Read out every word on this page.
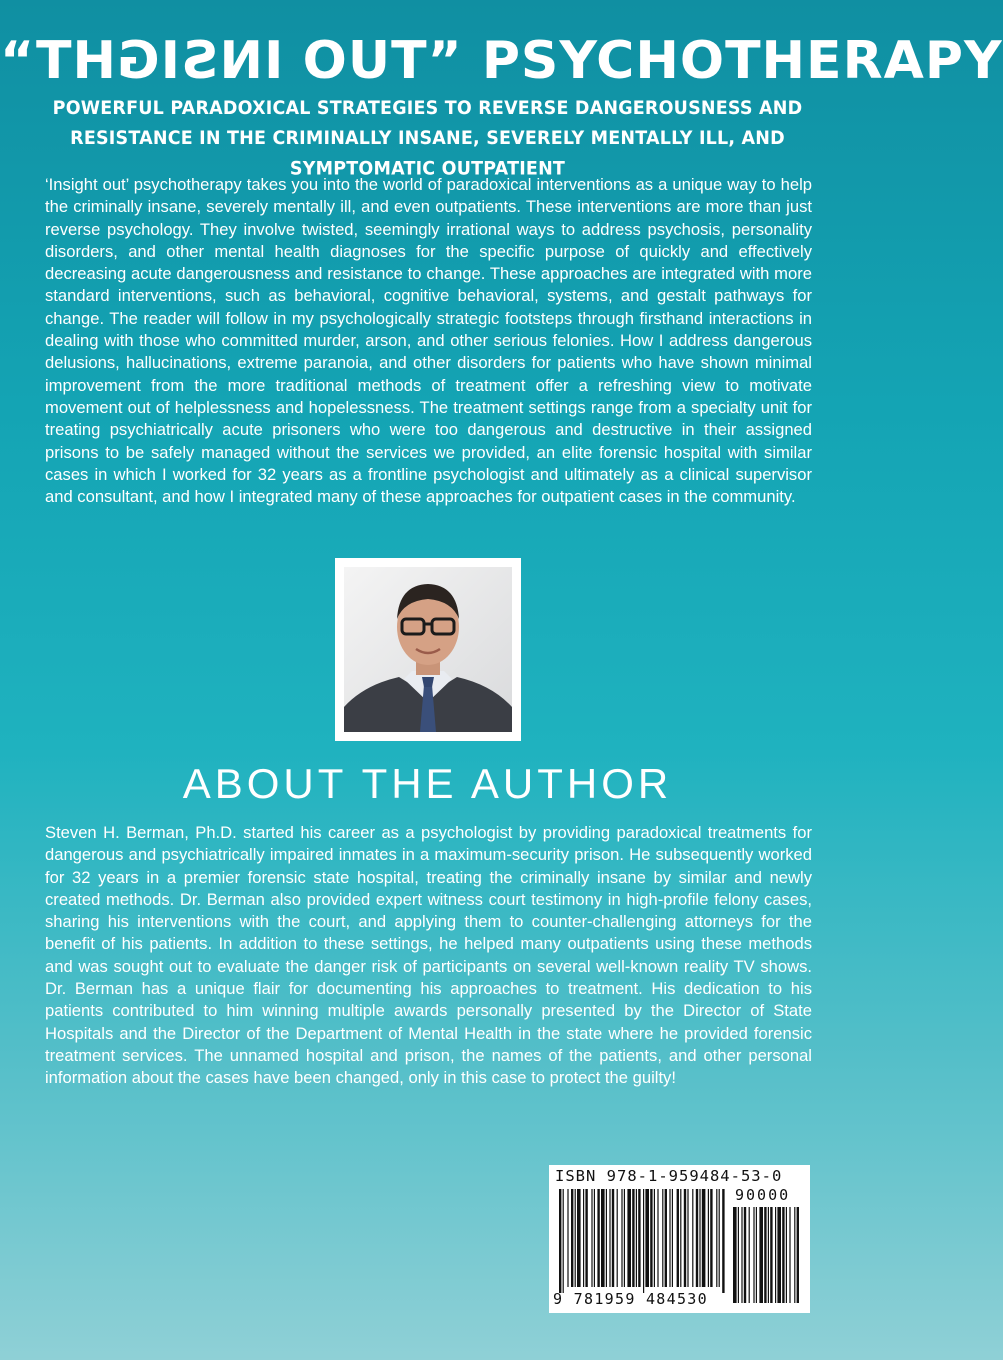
“INSIGHT OUT” PSYCHOTHERAPY
POWERFUL PARADOXICAL STRATEGIES TO REVERSE DANGEROUSNESS AND RESISTANCE IN THE CRIMINALLY INSANE, SEVERELY MENTALLY ILL, AND SYMPTOMATIC OUTPATIENT
‘Insight out’ psychotherapy takes you into the world of paradoxical interventions as a unique way to help the criminally insane, severely mentally ill, and even outpatients. These interventions are more than just reverse psychology. They involve twisted, seemingly irrational ways to address psychosis, personality disorders, and other mental health diagnoses for the specific purpose of quickly and effectively decreasing acute dangerousness and resistance to change. These approaches are integrated with more standard interventions, such as behavioral, cognitive behavioral, systems, and gestalt pathways for change. The reader will follow in my psychologically strategic footsteps through firsthand interactions in dealing with those who committed murder, arson, and other serious felonies. How I address dangerous delusions, hallucinations, extreme paranoia, and other disorders for patients who have shown minimal improvement from the more traditional methods of treatment offer a refreshing view to motivate movement out of helplessness and hopelessness. The treatment settings range from a specialty unit for treating psychiatrically acute prisoners who were too dangerous and destructive in their assigned prisons to be safely managed without the services we provided, an elite forensic hospital with similar cases in which I worked for 32 years as a frontline psychologist and ultimately as a clinical supervisor and consultant, and how I integrated many of these approaches for outpatient cases in the community.
ABOUT THE AUTHOR
Steven H. Berman, Ph.D. started his career as a psychologist by providing paradoxical treatments for dangerous and psychiatrically impaired inmates in a maximum-security prison. He subsequently worked for 32 years in a premier forensic state hospital, treating the criminally insane by similar and newly created methods. Dr. Berman also provided expert witness court testimony in high-profile felony cases, sharing his interventions with the court, and applying them to counter-challenging attorneys for the benefit of his patients. In addition to these settings, he helped many outpatients using these methods and was sought out to evaluate the danger risk of participants on several well-known reality TV shows. Dr. Berman has a unique flair for documenting his approaches to treatment. His dedication to his patients contributed to him winning multiple awards personally presented by the Director of State Hospitals and the Director of the Department of Mental Health in the state where he provided forensic treatment services. The unnamed hospital and prison, the names of the patients, and other personal information about the cases have been changed, only in this case to protect the guilty!
ISBN 978-1-959484-53-0
90000
9 781959 484530
